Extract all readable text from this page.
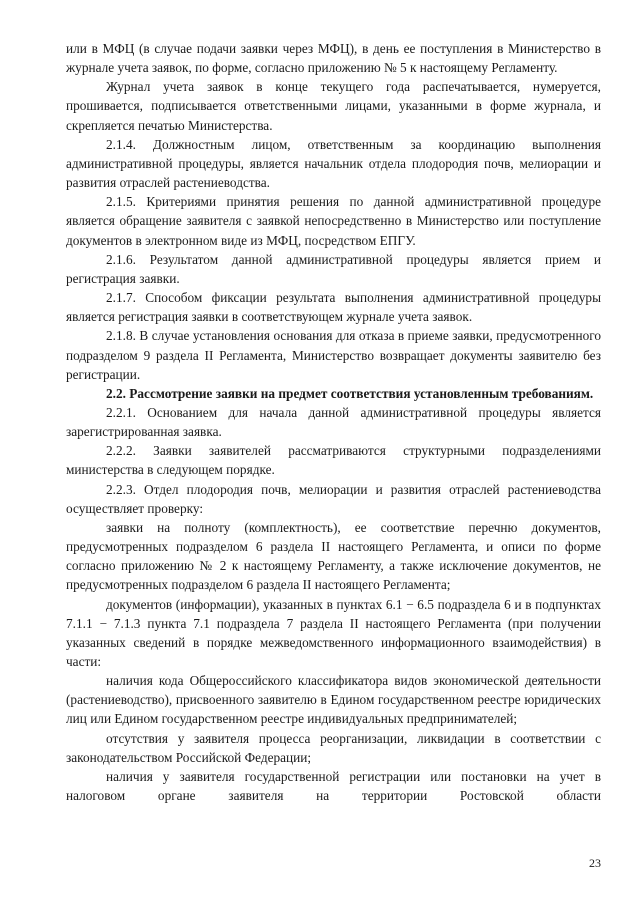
или в МФЦ (в случае подачи заявки через МФЦ), в день ее поступления в Министерство в журнале учета заявок, по форме, согласно приложению № 5 к настоящему Регламенту.

Журнал учета заявок в конце текущего года распечатывается, нумеруется, прошивается, подписывается ответственными лицами, указанными в форме журнала, и скрепляется печатью Министерства.

2.1.4. Должностным лицом, ответственным за координацию выполнения административной процедуры, является начальник отдела плодородия почв, мелиорации и развития отраслей растениеводства.

2.1.5. Критериями принятия решения по данной административной процедуре является обращение заявителя с заявкой непосредственно в Министерство или поступление документов в электронном виде из МФЦ, посредством ЕПГУ.

2.1.6. Результатом данной административной процедуры является прием и регистрация заявки.

2.1.7. Способом фиксации результата выполнения административной процедуры является регистрация заявки в соответствующем журнале учета заявок.

2.1.8. В случае установления основания для отказа в приеме заявки, предусмотренного подразделом 9 раздела II Регламента, Министерство возвращает документы заявителю без регистрации.

2.2. Рассмотрение заявки на предмет соответствия установленным требованиям.

2.2.1. Основанием для начала данной административной процедуры является зарегистрированная заявка.

2.2.2. Заявки заявителей рассматриваются структурными подразделениями министерства в следующем порядке.

2.2.3. Отдел плодородия почв, мелиорации и развития отраслей растениеводства осуществляет проверку:

заявки на полноту (комплектность), ее соответствие перечню документов, предусмотренных подразделом 6 раздела II настоящего Регламента, и описи по форме согласно приложению № 2 к настоящему Регламенту, а также исключение документов, не предусмотренных подразделом 6 раздела II настоящего Регламента;

документов (информации), указанных в пунктах 6.1 − 6.5 подраздела 6 и в подпунктах 7.1.1 − 7.1.3 пункта 7.1 подраздела 7 раздела II настоящего Регламента (при получении указанных сведений в порядке межведомственного информационного взаимодействия) в части:

наличия кода Общероссийского классификатора видов экономической деятельности (растениеводство), присвоенного заявителю в Едином государственном реестре юридических лиц или Едином государственном реестре индивидуальных предпринимателей;

отсутствия у заявителя процесса реорганизации, ликвидации в соответствии с законодательством Российской Федерации;

наличия у заявителя государственной регистрации или постановки на учет в налоговом органе заявителя на территории Ростовской области

23
